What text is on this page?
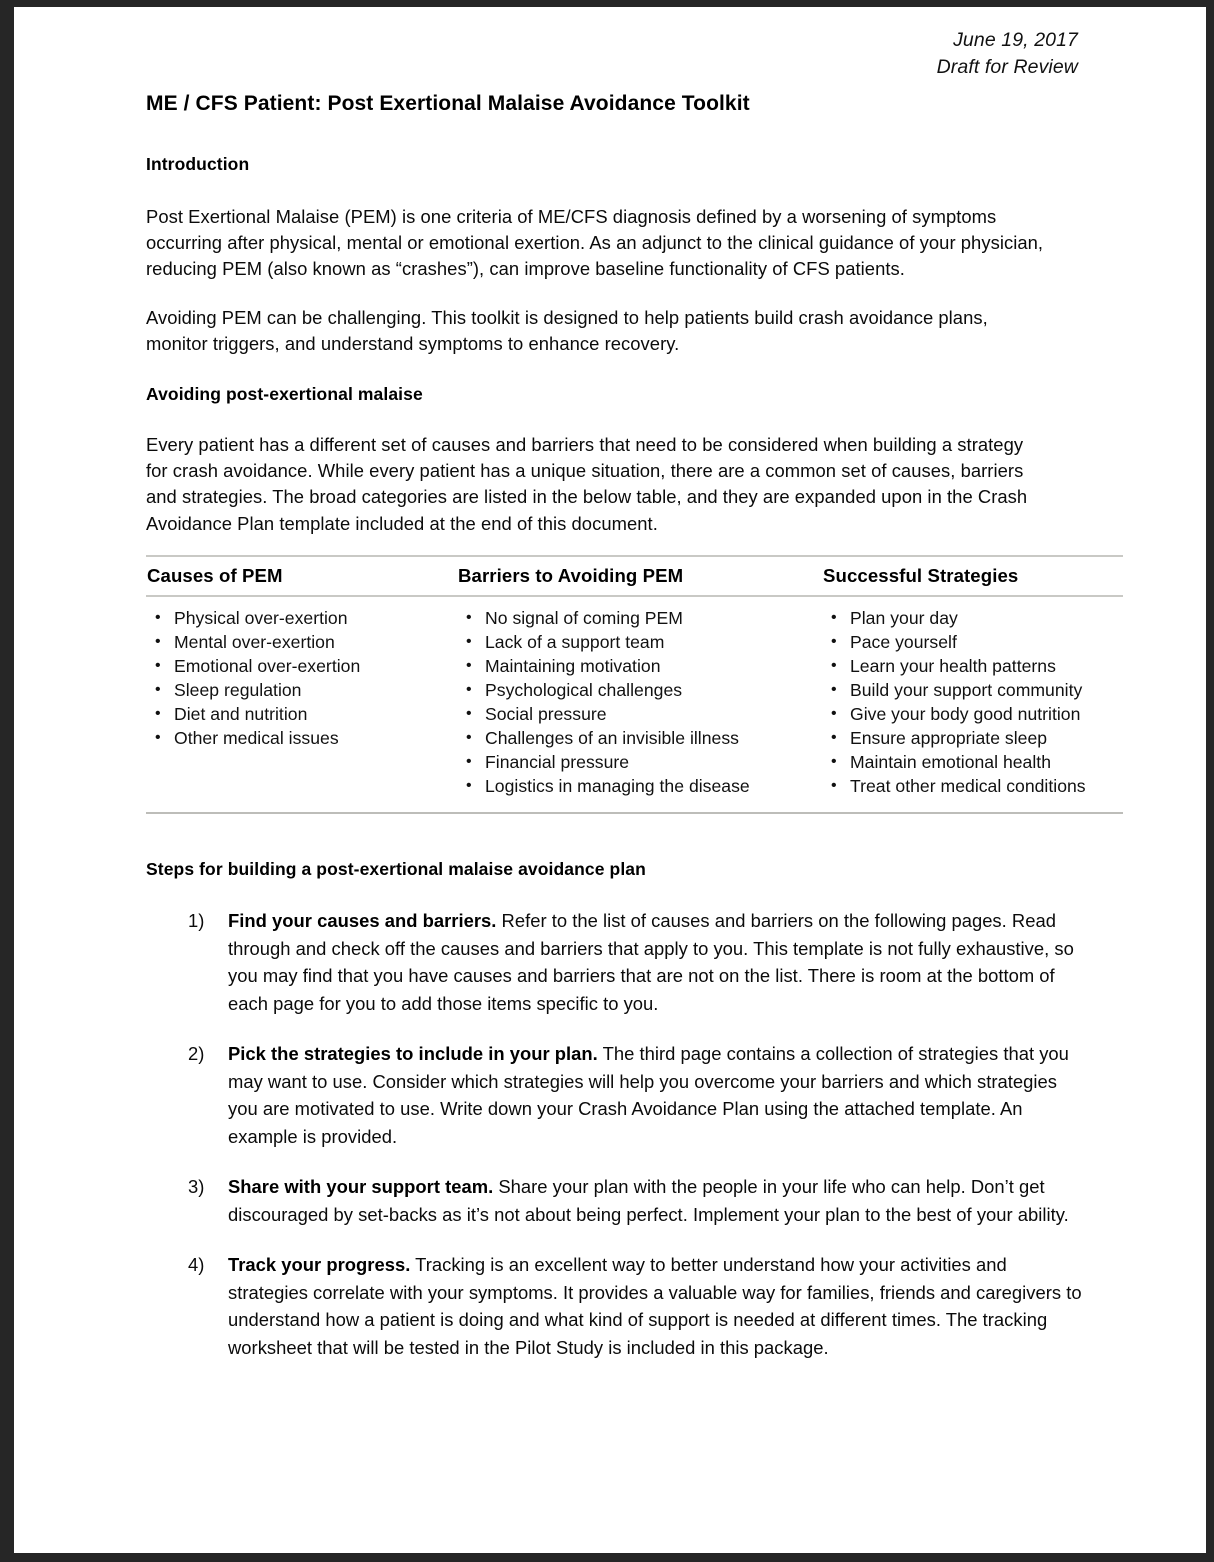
June 19, 2017
Draft for Review
ME / CFS Patient: Post Exertional Malaise Avoidance Toolkit
Introduction
Post Exertional Malaise (PEM) is one criteria of ME/CFS diagnosis defined by a worsening of symptoms occurring after physical, mental or emotional exertion. As an adjunct to the clinical guidance of your physician, reducing PEM (also known as “crashes”), can improve baseline functionality of CFS patients.
Avoiding PEM can be challenging. This toolkit is designed to help patients build crash avoidance plans, monitor triggers, and understand symptoms to enhance recovery.
Avoiding post-exertional malaise
Every patient has a different set of causes and barriers that need to be considered when building a strategy for crash avoidance. While every patient has a unique situation, there are a common set of causes, barriers and strategies. The broad categories are listed in the below table, and they are expanded upon in the Crash Avoidance Plan template included at the end of this document.
Causes of PEM	Barriers to Avoiding PEM	Successful Strategies
• Physical over-exertion
• Mental over-exertion
• Emotional over-exertion
• Sleep regulation
• Diet and nutrition
• Other medical issues
• No signal of coming PEM
• Lack of a support team
• Maintaining motivation
• Psychological challenges
• Social pressure
• Challenges of an invisible illness
• Financial pressure
• Logistics in managing the disease
• Plan your day
• Pace yourself
• Learn your health patterns
• Build your support community
• Give your body good nutrition
• Ensure appropriate sleep
• Maintain emotional health
• Treat other medical conditions
Steps for building a post-exertional malaise avoidance plan
1) Find your causes and barriers. Refer to the list of causes and barriers on the following pages. Read through and check off the causes and barriers that apply to you. This template is not fully exhaustive, so you may find that you have causes and barriers that are not on the list. There is room at the bottom of each page for you to add those items specific to you.
2) Pick the strategies to include in your plan. The third page contains a collection of strategies that you may want to use. Consider which strategies will help you overcome your barriers and which strategies you are motivated to use. Write down your Crash Avoidance Plan using the attached template. An example is provided.
3) Share with your support team. Share your plan with the people in your life who can help. Don’t get discouraged by set-backs as it’s not about being perfect. Implement your plan to the best of your ability.
4) Track your progress. Tracking is an excellent way to better understand how your activities and strategies correlate with your symptoms. It provides a valuable way for families, friends and caregivers to understand how a patient is doing and what kind of support is needed at different times. The tracking worksheet that will be tested in the Pilot Study is included in this package.
